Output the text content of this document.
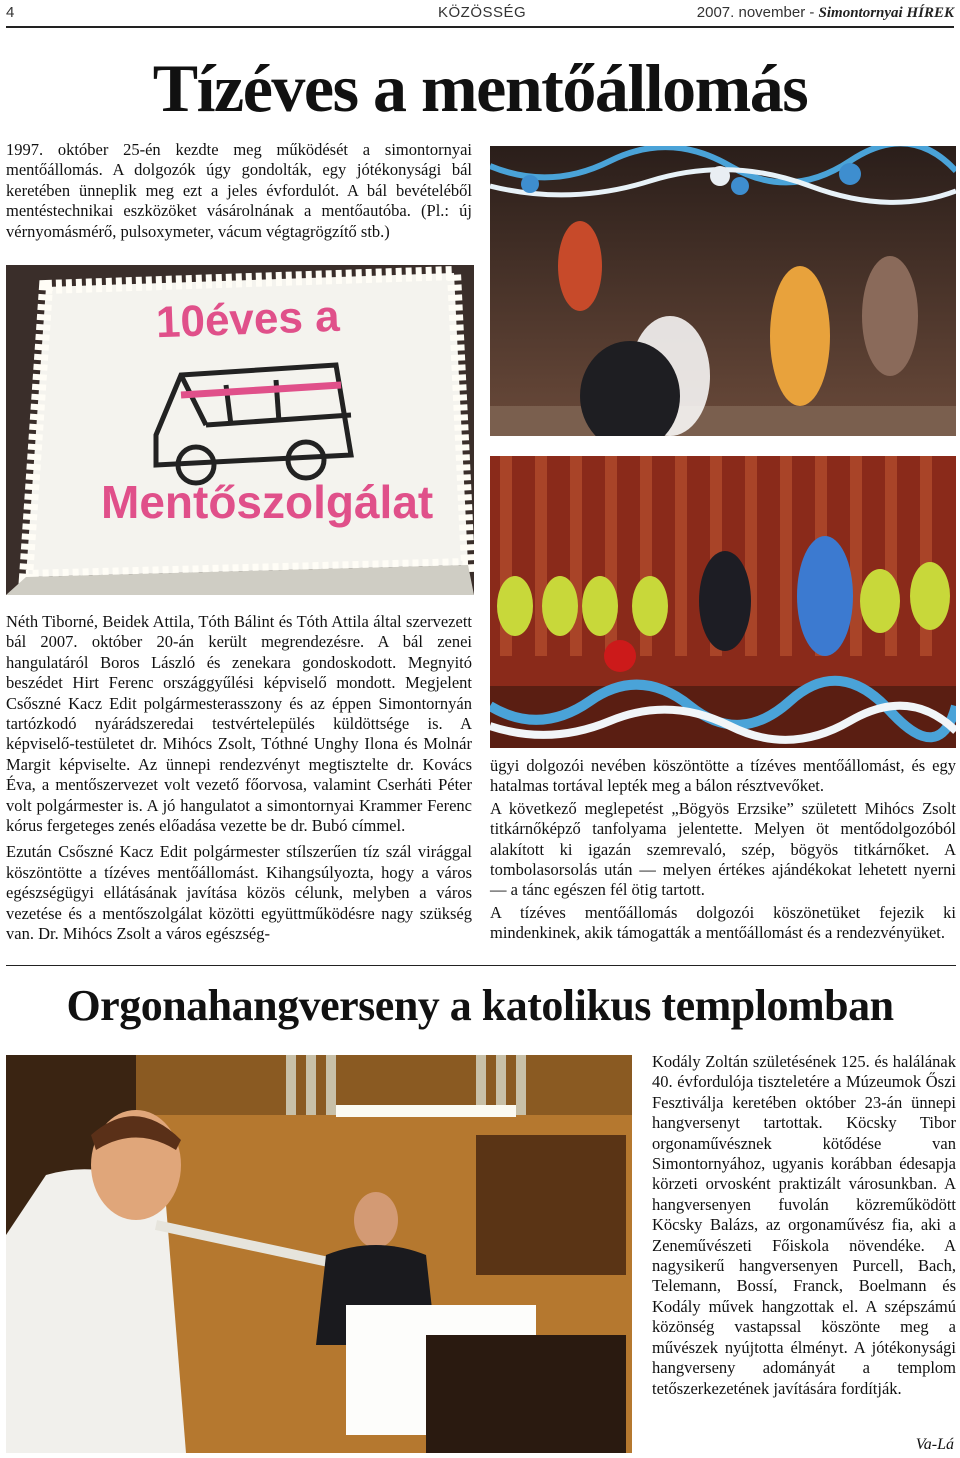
4	KÖZÖSSÉG	2007. november - Simontornyai HÍREK
Tízéves a mentőállomás

1997. október 25-én kezdte meg működését a simontornyai mentőállomás. A dolgozók úgy gondolták, egy jótékonysági bál keretében ünneplik meg ezt a jeles évfordulót. A bál bevételéből mentéstechnikai eszközöket vásárolnának a mentőautóba. (Pl.: új vérnyomásmérő, pulsoxymeter, vácum végtagrögzítő stb.)

10éves a
Mentőszolgálat

Néth Tiborné, Beidek Attila, Tóth Bálint és Tóth Attila által szervezett bál 2007. október 20-án került megrendezésre. A bál zenei hangulatáról Boros László és zenekara gondoskodott. Megnyitó beszédet Hirt Ferenc országgyűlési képviselő mondott. Megjelent Csőszné Kacz Edit polgármesterasszony és az éppen Simontornyán tartózkodó nyárádszeredai testvértelepülés küldöttsége is. A képviselő-testületet dr. Mihócs Zsolt, Tóthné Unghy Ilona és Molnár Margit képviselte. Az ünnepi rendezvényt megtisztelte dr. Kovács Éva, a mentőszervezet volt vezető főorvosa, valamint Cserháti Péter volt polgármester is. A jó hangulatot a simontornyai Krammer Ferenc kórus fergeteges zenés előadása vezette be dr. Bubó címmel.

Ezután Csőszné Kacz Edit polgármester stílszerűen tíz szál virággal köszöntötte a tízéves mentőállomást. Kihangsúlyozta, hogy a város egészségügyi ellátásának javítása közös célunk, melyben a város vezetése és a mentőszolgálat közötti együttműködésre nagy szükség van. Dr. Mihócs Zsolt a város egészség-

ügyi dolgozói nevében köszöntötte a tízéves mentőállomást, és egy hatalmas tortával lepték meg a bálon résztvevőket.

A következő meglepetést „Bögyös Erzsike” született Mihócs Zsolt titkárnőképző tanfolyama jelentette. Melyen öt mentődolgozóból alakított ki igazán szemrevaló, szép, bögyös titkárnőket. A tombolasorsolás után — melyen értékes ajándékokat lehetett nyerni — a tánc egészen fél ötig tartott.

A tízéves mentőállomás dolgozói köszönetüket fejezik ki mindenkinek, akik támogatták a mentőállomást és a rendezvényüket.

Orgonahangverseny a katolikus templomban

Kodály Zoltán születésének 125. és halálának 40. évfordulója tiszteletére a Múzeumok Őszi Fesztiválja keretében október 23-án ünnepi hangversenyt tartottak. Köcsky Tibor orgonaművésznek kötődése van Simontornyához, ugyanis korábban édesapja körzeti orvosként praktizált városunkban. A hangversenyen fuvolán közreműködött Köcsky Balázs, az orgonaművész fia, aki a Zeneművészeti Főiskola növendéke. A nagysikerű hangversenyen Purcell, Bach, Telemann, Bossí, Franck, Boelmann és Kodály művek hangzottak el. A szépszámú közönség vastapssal köszönte meg a művészek nyújtotta élményt. A jótékonysági hangverseny adományát a templom tetőszerkezetének javítására fordítják.

Va-Lá
